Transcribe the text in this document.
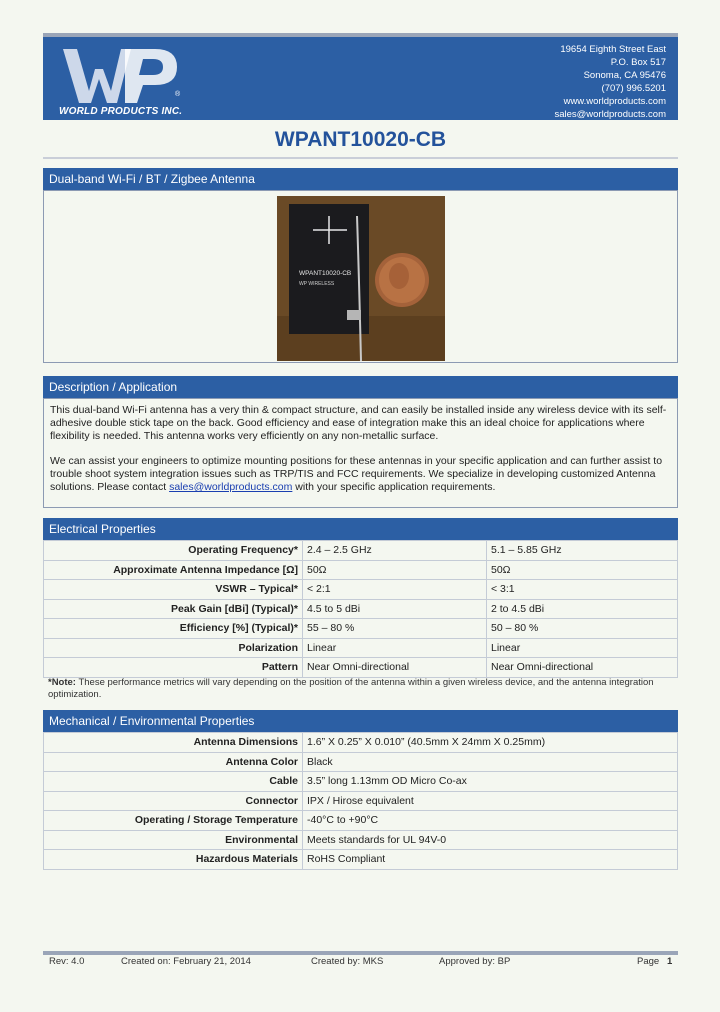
®
WORLD PRODUCTS INC.
19654 Eighth Street East
P.O. Box 517
Sonoma, CA 95476
(707) 996.5201
www.worldproducts.com
sales@worldproducts.com
WPANT10020-CB
Dual-band Wi-Fi / BT / Zigbee Antenna
WPANT10020-CB
WP WIRELESS
Description / Application

This dual-band Wi-Fi antenna has a very thin & compact structure, and can easily be installed inside any wireless device with its self-adhesive double stick tape on the back. Good efficiency and ease of integration make this an ideal choice for applications where flexibility is needed. This antenna works very efficiently on any non-metallic surface.

We can assist your engineers to optimize mounting positions for these antennas in your specific application and can further assist to trouble shoot system integration issues such as TRP/TIS and FCC requirements. We specialize in developing customized Antenna solutions. Please contact sales@worldproducts.com with your specific application requirements.

Electrical Properties
Operating Frequency*	2.4 – 2.5 GHz	5.1 – 5.85 GHz
Approximate Antenna Impedance [Ω]	50Ω	50Ω
VSWR – Typical*	< 2:1	< 3:1
Peak Gain [dBi] (Typical)*	4.5 to 5 dBi	2 to 4.5 dBi
Efficiency [%] (Typical)*	55 – 80 %	50 – 80 %
Polarization	Linear	Linear
Pattern	Near Omni-directional	Near Omni-directional
*Note: These performance metrics will vary depending on the position of the antenna within a given wireless device, and the antenna integration optimization.
Mechanical / Environmental Properties
Antenna Dimensions	1.6” X 0.25” X 0.010” (40.5mm X 24mm X 0.25mm)
Antenna Color	Black
Cable	3.5” long 1.13mm OD Micro Co-ax
Connector	IPX / Hirose equivalent
Operating / Storage Temperature	-40°C to +90°C
Environmental	Meets standards for UL 94V-0
Hazardous Materials	RoHS Compliant
Rev: 4.0	Created on: February 21, 2014	Created by: MKS	Approved by: BP	Page 1
